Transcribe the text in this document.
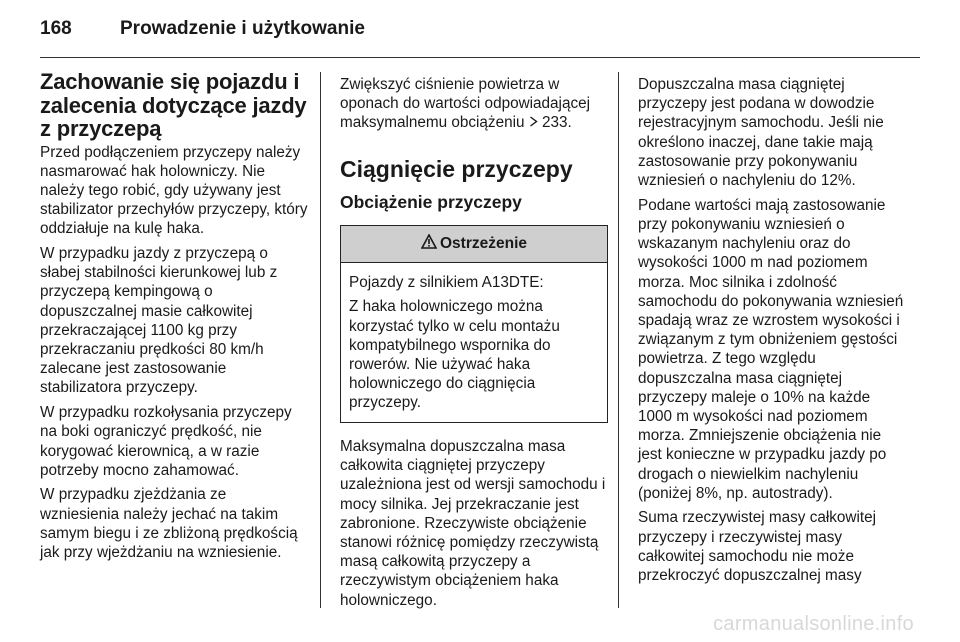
168	Prowadzenie i użytkowanie
Zachowanie się pojazdu i zalecenia dotyczące jazdy z przyczepą

Przed podłączeniem przyczepy należy nasmarować hak holowniczy. Nie należy tego robić, gdy używany jest stabilizator przechyłów przyczepy, który oddziałuje na kulę haka.

W przypadku jazdy z przyczepą o słabej stabilności kierunkowej lub z przyczepą kempingową o dopuszczalnej masie całkowitej przekraczającej 1100 kg przy przekraczaniu prędkości 80 km/h zalecane jest zastosowanie stabilizatora przyczepy.

W przypadku rozkołysania przyczepy na boki ograniczyć prędkość, nie korygować kierownicą, a w razie potrzeby mocno zahamować.

W przypadku zjeżdżania ze wzniesienia należy jechać na takim samym biegu i ze zbliżoną prędkością jak przy wjeżdżaniu na wzniesienie.

Zwiększyć ciśnienie powietrza w oponach do wartości odpowiadającej maksymalnemu obciążeniu 233.

Ciągnięcie przyczepy
Obciążenie przyczepy
Ostrzeżenie

Pojazdy z silnikiem A13DTE:

Z haka holowniczego można korzystać tylko w celu montażu kompatybilnego wspornika do rowerów. Nie używać haka holowniczego do ciągnięcia przyczepy.

Maksymalna dopuszczalna masa całkowita ciągniętej przyczepy uzależniona jest od wersji samochodu i mocy silnika. Jej przekraczanie jest zabronione. Rzeczywiste obciążenie stanowi różnicę pomiędzy rzeczywistą masą całkowitą przyczepy a rzeczywistym obciążeniem haka holowniczego.

Dopuszczalna masa ciągniętej przyczepy jest podana w dowodzie rejestracyjnym samochodu. Jeśli nie określono inaczej, dane takie mają zastosowanie przy pokonywaniu wzniesień o nachyleniu do 12%.

Podane wartości mają zastosowanie przy pokonywaniu wzniesień o wskazanym nachyleniu oraz do wysokości 1000 m nad poziomem morza. Moc silnika i zdolność samochodu do pokonywania wzniesień spadają wraz ze wzrostem wysokości i związanym z tym obniżeniem gęstości powietrza. Z tego względu dopuszczalna masa ciągniętej przyczepy maleje o 10% na każde 1000 m wysokości nad poziomem morza. Zmniejszenie obciążenia nie jest konieczne w przypadku jazdy po drogach o niewielkim nachyleniu (poniżej 8%, np. autostrady).

Suma rzeczywistej masy całkowitej przyczepy i rzeczywistej masy całkowitej samochodu nie może przekroczyć dopuszczalnej masy

carmanualsonline.info
